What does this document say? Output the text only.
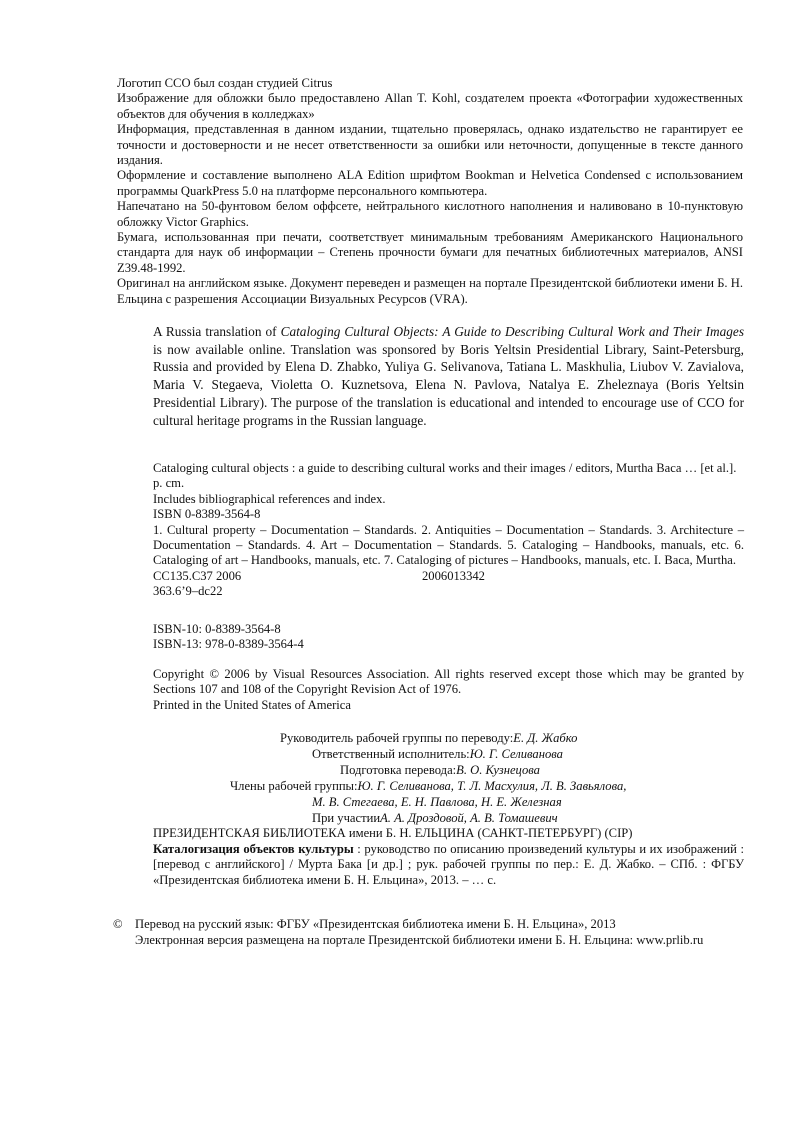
Логотип CCO был создан студией Citrus

Изображение для обложки было предоставлено Allan T. Kohl, создателем проекта «Фотографии художественных объектов для обучения в колледжах»

Информация, представленная в данном издании, тщательно проверялась, однако издательство не гарантирует ее точности и достоверности и не несет ответственности за ошибки или неточности, допущенные в тексте данного издания.

Оформление и составление выполнено ALA Edition шрифтом Bookman и Helvetica Condensed с использованием программы QuarkPress 5.0 на платформе персонального компьютера.

Напечатано на 50-фунтовом белом оффсете, нейтрального кислотного наполнения и наливовано в 10-пунктовую обложку Victor Graphics.

Бумага, использованная при печати, соответствует минимальным требованиям Американского Национального стандарта для наук об информации – Степень прочности бумаги для печатных библиотечных материалов, ANSI Z39.48-1992.

Оригинал на английском языке. Документ переведен и размещен на портале Президентской библиотеки имени Б. Н. Ельцина с разрешения Ассоциации Визуальных Ресурсов (VRA).

A Russia translation of Cataloging Cultural Objects: A Guide to Describing Cultural Work and Their Images is now available online. Translation was sponsored by Boris Yeltsin Presidential Library, Saint-Petersburg, Russia and provided by Elena D. Zhabko, Yuliya G. Selivanova, Tatiana L. Maskhulia, Liubov V. Zavialova, Maria V. Stegaeva, Violetta O. Kuznetsova, Elena N. Pavlova, Natalya E. Zheleznaya (Boris Yeltsin Presidential Library). The purpose of the translation is educational and intended to encourage use of CCO for cultural heritage programs in the Russian language.

Cataloging cultural objects : a guide to describing cultural works and their images / editors, Murtha Baca … [et al.].

p. cm.

Includes bibliographical references and index.

ISBN 0-8389-3564-8

1. Cultural property – Documentation – Standards. 2. Antiquities – Documentation – Standards. 3. Architecture – Documentation – Standards. 4. Art – Documentation – Standards. 5. Cataloging – Handbooks, manuals, etc. 6. Cataloging of art – Handbooks, manuals, etc. 7. Cataloging of pictures – Handbooks, manuals, etc. I. Baca, Murtha.

CC135.C37 2006	2006013342

363.6’9–dc22

ISBN-10: 0-8389-3564-8

ISBN-13: 978-0-8389-3564-4

Copyright © 2006 by Visual Resources Association. All rights reserved except those which may be granted by Sections 107 and 108 of the Copyright Revision Act of 1976.

Printed in the United States of America

Руководитель рабочей группы по переводу: Е. Д. Жабко
Ответственный исполнитель: Ю. Г. Селиванова
Подготовка перевода: В. О. Кузнецова
Члены рабочей группы: Ю. Г. Селиванова, Т. Л. Масхулия, Л. В. Завьялова,
М. В. Стегаева, Е. Н. Павлова, Н. Е. Железная
При участии А. А. Дроздовой, А. В. Томашевич

ПРЕЗИДЕНТСКАЯ БИБЛИОТЕКА имени Б. Н. ЕЛЬЦИНА (САНКТ-ПЕТЕРБУРГ) (CIP)

Каталогизация объектов культуры : руководство по описанию произведений культуры и их изображений : [перевод с английского] / Мурта Бака [и др.] ; рук. рабочей группы по пер.: Е. Д. Жабко. – СПб. : ФГБУ «Президентская библиотека имени Б. Н. Ельцина», 2013. – … с.

© Перевод на русский язык: ФГБУ «Президентская библиотека имени Б. Н. Ельцина», 2013

Электронная версия размещена на портале Президентской библиотеки имени Б. Н. Ельцина: www.prlib.ru
